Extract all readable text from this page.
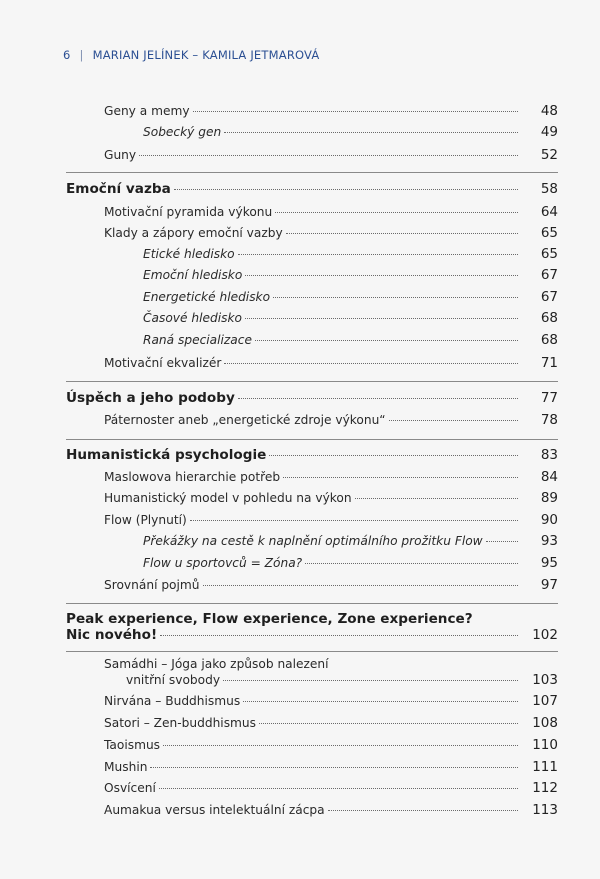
6 | MARIAN JELÍNEK – KAMILA JETMAROVÁ
Geny a memy	48
Sobecký gen	49
Guny	52
Emoční vazba	58
Motivační pyramida výkonu	64
Klady a zápory emoční vazby	65
Etické hledisko	65
Emoční hledisko	67
Energetické hledisko	67
Časové hledisko	68
Raná specializace	68
Motivační ekvalizér	71
Úspěch a jeho podoby	77
Páternoster aneb „energetické zdroje výkonu“	78
Humanistická psychologie	83
Maslowova hierarchie potřeb	84
Humanistický model v pohledu na výkon	89
Flow (Plynutí)	90
Překážky na cestě k naplnění optimálního prožitku Flow	93
Flow u sportovců = Zóna?	95
Srovnání pojmů	97
Peak experience, Flow experience, Zone experience?
Nic nového!	102
Samádhi – Jóga jako způsob nalezení
vnitřní svobody	103
Nirvána – Buddhismus	107
Satori – Zen-buddhismus	108
Taoismus	110
Mushin	111
Osvícení	112
Aumakua versus intelektuální zácpa	113
